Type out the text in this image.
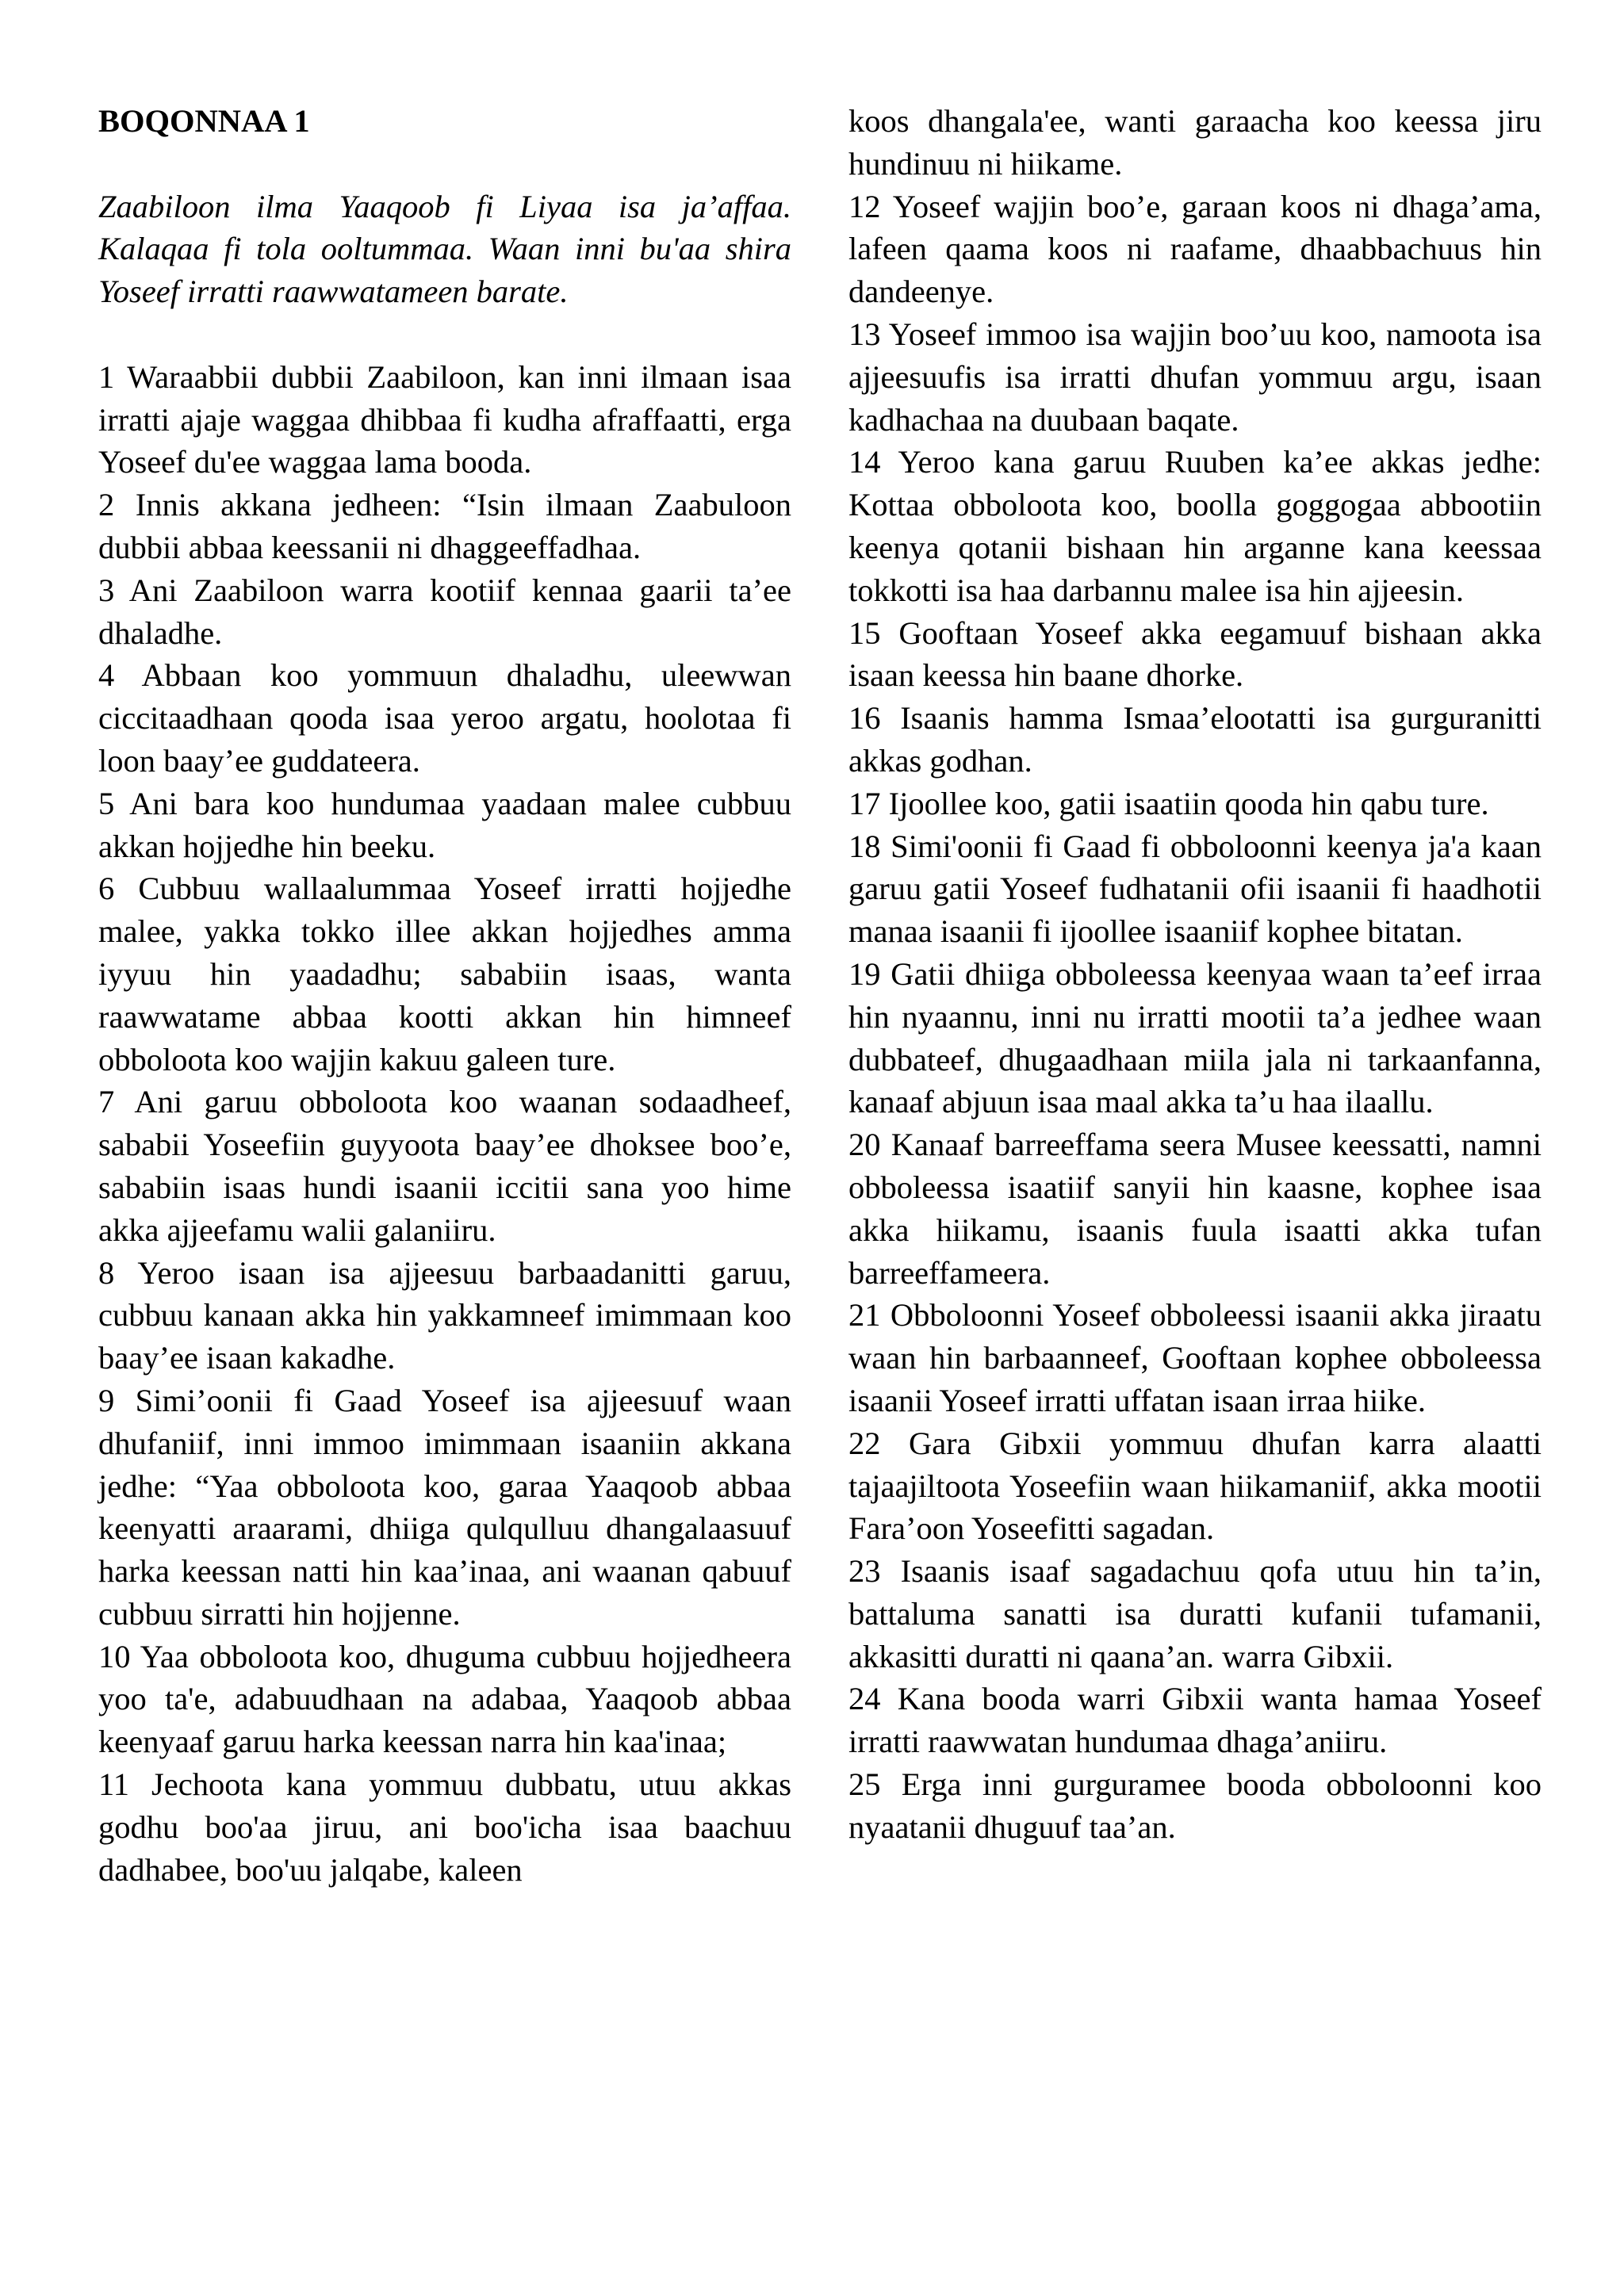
BOQONNAA 1

Zaabiloon ilma Yaaqoob fi Liyaa isa ja’affaa. Kalaqaa fi tola ooltummaa. Waan inni bu'aa shira Yoseef irratti raawwatameen barate.

1 Waraabbii dubbii Zaabiloon, kan inni ilmaan isaa irratti ajaje waggaa dhibbaa fi kudha afraffaatti, erga Yoseef du'ee waggaa lama booda.

2 Innis akkana jedheen: “Isin ilmaan Zaabuloon dubbii abbaa keessanii ni dhaggeeffadhaa.

3 Ani Zaabiloon warra kootiif kennaa gaarii ta’ee dhaladhe.

4 Abbaan koo yommuun dhaladhu, uleewwan ciccitaadhaan qooda isaa yeroo argatu, hoolotaa fi loon baay’ee guddateera.

5 Ani bara koo hundumaa yaadaan malee cubbuu akkan hojjedhe hin beeku.

6 Cubbuu wallaalummaa Yoseef irratti hojjedhe malee, yakka tokko illee akkan hojjedhes amma iyyuu hin yaadadhu; sababiin isaas, wanta raawwatame abbaa kootti akkan hin himneef obboloota koo wajjin kakuu galeen ture.

7 Ani garuu obboloota koo waanan sodaadheef, sababii Yoseefiin guyyoota baay’ee dhoksee boo’e, sababiin isaas hundi isaanii iccitii sana yoo hime akka ajjeefamu walii galaniiru.

8 Yeroo isaan isa ajjeesuu barbaadanitti garuu, cubbuu kanaan akka hin yakkamneef imimmaan koo baay’ee isaan kakadhe.

9 Simi’oonii fi Gaad Yoseef isa ajjeesuuf waan dhufaniif, inni immoo imimmaan isaaniin akkana jedhe: “Yaa obboloota koo, garaa Yaaqoob abbaa keenyatti araarami, dhiiga qulqulluu dhangalaasuuf harka keessan natti hin kaa’inaa, ani waanan qabuuf cubbuu sirratti hin hojjenne.

10 Yaa obboloota koo, dhuguma cubbuu hojjedheera yoo ta'e, adabuudhaan na adabaa, Yaaqoob abbaa keenyaaf garuu harka keessan narra hin kaa'inaa;

11 Jechoota kana yommuu dubbatu, utuu akkas godhu boo'aa jiruu, ani boo'icha isaa baachuu dadhabee, boo'uu jalqabe, kaleen

koos dhangala'ee, wanti garaacha koo keessa jiru hundinuu ni hiikame.

12 Yoseef wajjin boo’e, garaan koos ni dhaga’ama, lafeen qaama koos ni raafame, dhaabbachuus hin dandeenye.

13 Yoseef immoo isa wajjin boo’uu koo, namoota isa ajjeesuufis isa irratti dhufan yommuu argu, isaan kadhachaa na duubaan baqate.

14 Yeroo kana garuu Ruuben ka’ee akkas jedhe: Kottaa obboloota koo, boolla goggogaa abbootiin keenya qotanii bishaan hin arganne kana keessaa tokkotti isa haa darbannu malee isa hin ajjeesin.

15 Gooftaan Yoseef akka eegamuuf bishaan akka isaan keessa hin baane dhorke.

16 Isaanis hamma Ismaa’elootatti isa gurguranitti akkas godhan.

17 Ijoollee koo, gatii isaatiin qooda hin qabu ture.

18 Simi'oonii fi Gaad fi obboloonni keenya ja'a kaan garuu gatii Yoseef fudhatanii ofii isaanii fi haadhotii manaa isaanii fi ijoollee isaaniif kophee bitatan.

19 Gatii dhiiga obboleessa keenyaa waan ta’eef irraa hin nyaannu, inni nu irratti mootii ta’a jedhee waan dubbateef, dhugaadhaan miila jala ni tarkaanfanna, kanaaf abjuun isaa maal akka ta’u haa ilaallu.

20 Kanaaf barreeffama seera Musee keessatti, namni obboleessa isaatiif sanyii hin kaasne, kophee isaa akka hiikamu, isaanis fuula isaatti akka tufan barreeffameera.

21 Obboloonni Yoseef obboleessi isaanii akka jiraatu waan hin barbaanneef, Gooftaan kophee obboleessa isaanii Yoseef irratti uffatan isaan irraa hiike.

22 Gara Gibxii yommuu dhufan karra alaatti tajaajiltoota Yoseefiin waan hiikamaniif, akka mootii Fara’oon Yoseefitti sagadan.

23 Isaanis isaaf sagadachuu qofa utuu hin ta’in, battaluma sanatti isa duratti kufanii tufamanii, akkasitti duratti ni qaana’an. warra Gibxii.

24 Kana booda warri Gibxii wanta hamaa Yoseef irratti raawwatan hundumaa dhaga’aniiru.

25 Erga inni gurguramee booda obboloonni koo nyaatanii dhuguuf taa’an.
